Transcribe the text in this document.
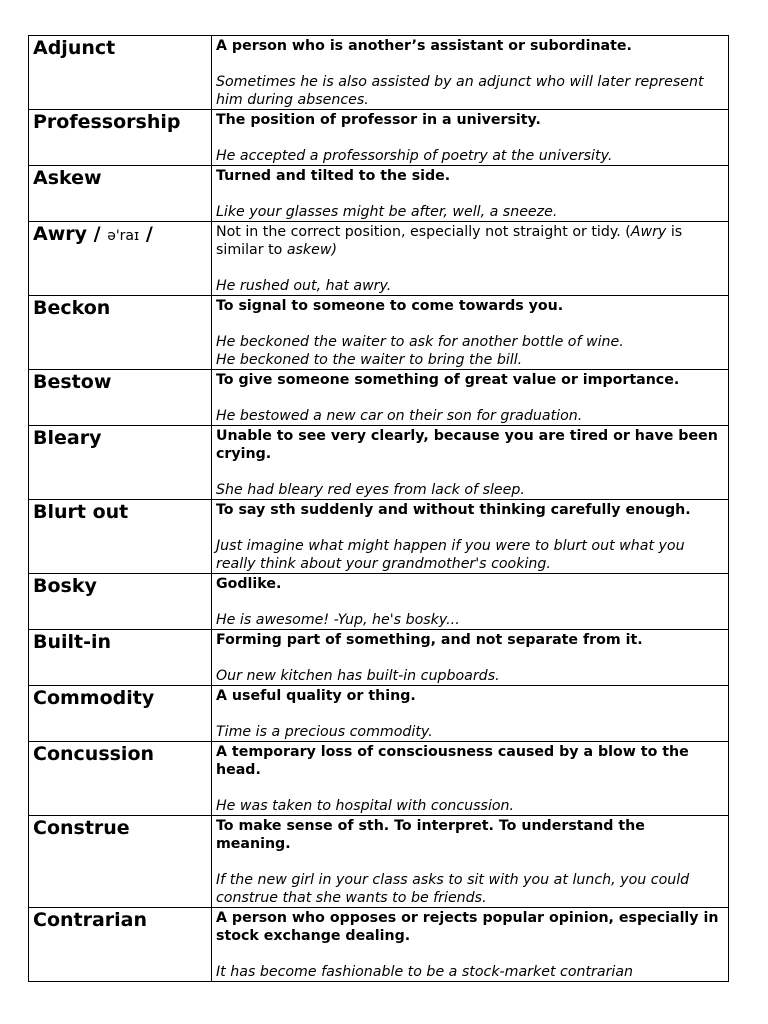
Adjunct	A person who is another’s assistant or subordinate.
Sometimes he is also assisted by an adjunct who will later represent him during absences.

Professorship	The position of professor in a university.
He accepted a professorship of poetry at the university.

Askew	Turned and tilted to the side.
Like your glasses might be after, well, a sneeze.

Awry / ə'raɪ /	Not in the correct position, especially not straight or tidy. (Awry is similar to askew)
He rushed out, hat awry.

Beckon	To signal to someone to come towards you.
He beckoned the waiter to ask for another bottle of wine.
He beckoned to the waiter to bring the bill.

Bestow	To give someone something of great value or importance.
He bestowed a new car on their son for graduation.

Bleary	Unable to see very clearly, because you are tired or have been crying.
She had bleary red eyes from lack of sleep.

Blurt out	To say sth suddenly and without thinking carefully enough.
Just imagine what might happen if you were to blurt out what you really think about your grandmother's cooking.

Bosky	Godlike.
He is awesome! -Yup, he's bosky...

Built-in	Forming part of something, and not separate from it.
Our new kitchen has built-in cupboards.

Commodity	A useful quality or thing.
Time is a precious commodity.

Concussion	A temporary loss of consciousness caused by a blow to the head.
He was taken to hospital with concussion.

Construe	To make sense of sth. To interpret. To understand the meaning.
If the new girl in your class asks to sit with you at lunch, you could construe that she wants to be friends.

Contrarian	A person who opposes or rejects popular opinion, especially in stock exchange dealing.
It has become fashionable to be a stock-market contrarian
